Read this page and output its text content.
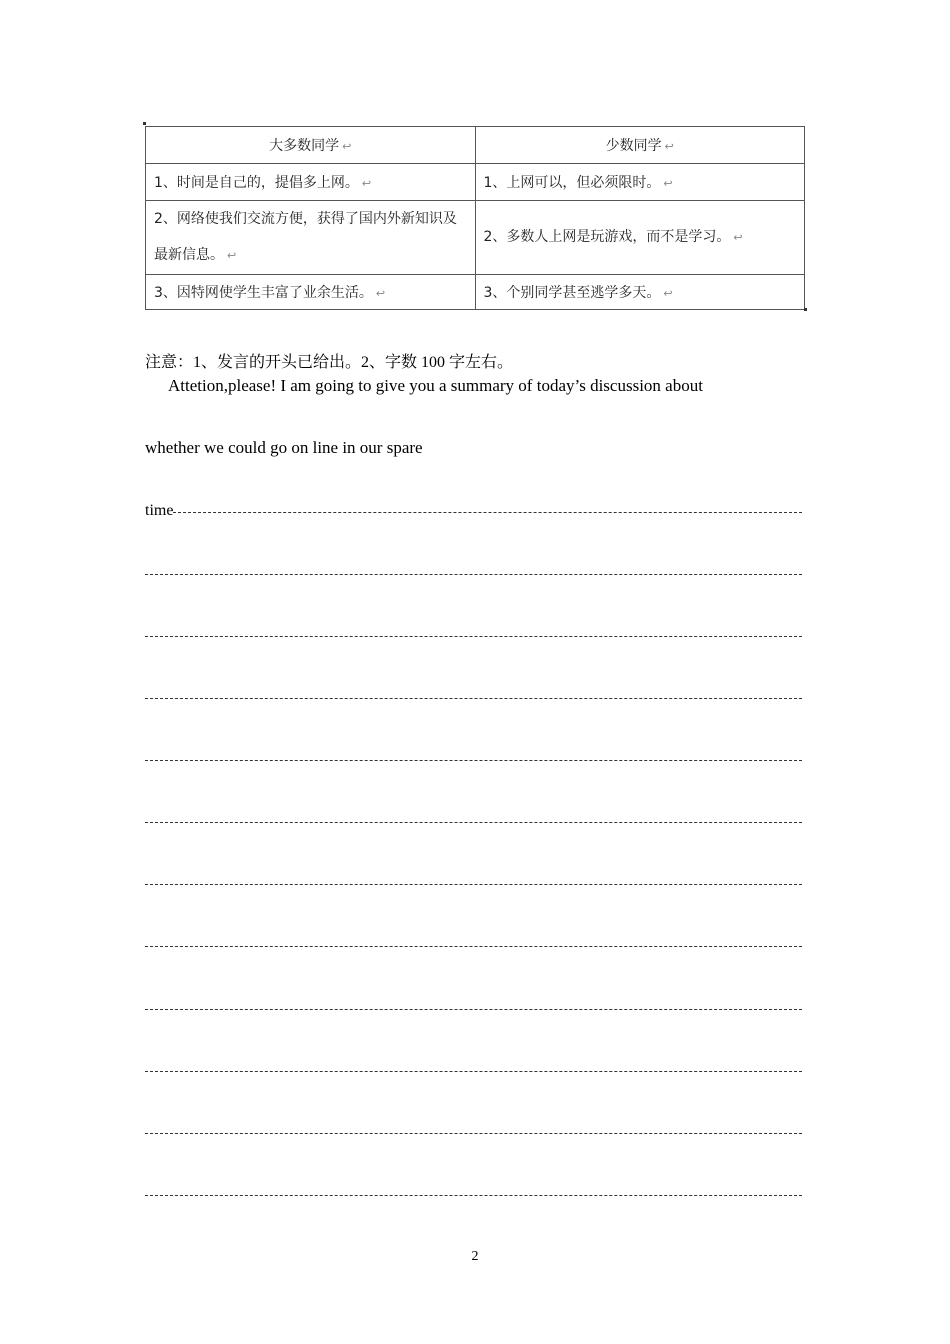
大多数同学 ↩	少数同学 ↩
1、时间是自己的，提倡多上网。 ↩	1、上网可以，但必须限时。 ↩
2、网络使我们交流方便，获得了国内外新知识及最新信息。 ↩	2、多数人上网是玩游戏，而不是学习。 ↩
3、因特网使学生丰富了业余生活。 ↩	3、个别同学甚至逃学多天。 ↩
注意：1、发言的开头已给出。2、字数 100 字左右。
Attetion,please! I am going to give you a summary of today’s discussion about
whether we could go on line in our spare
time
2
